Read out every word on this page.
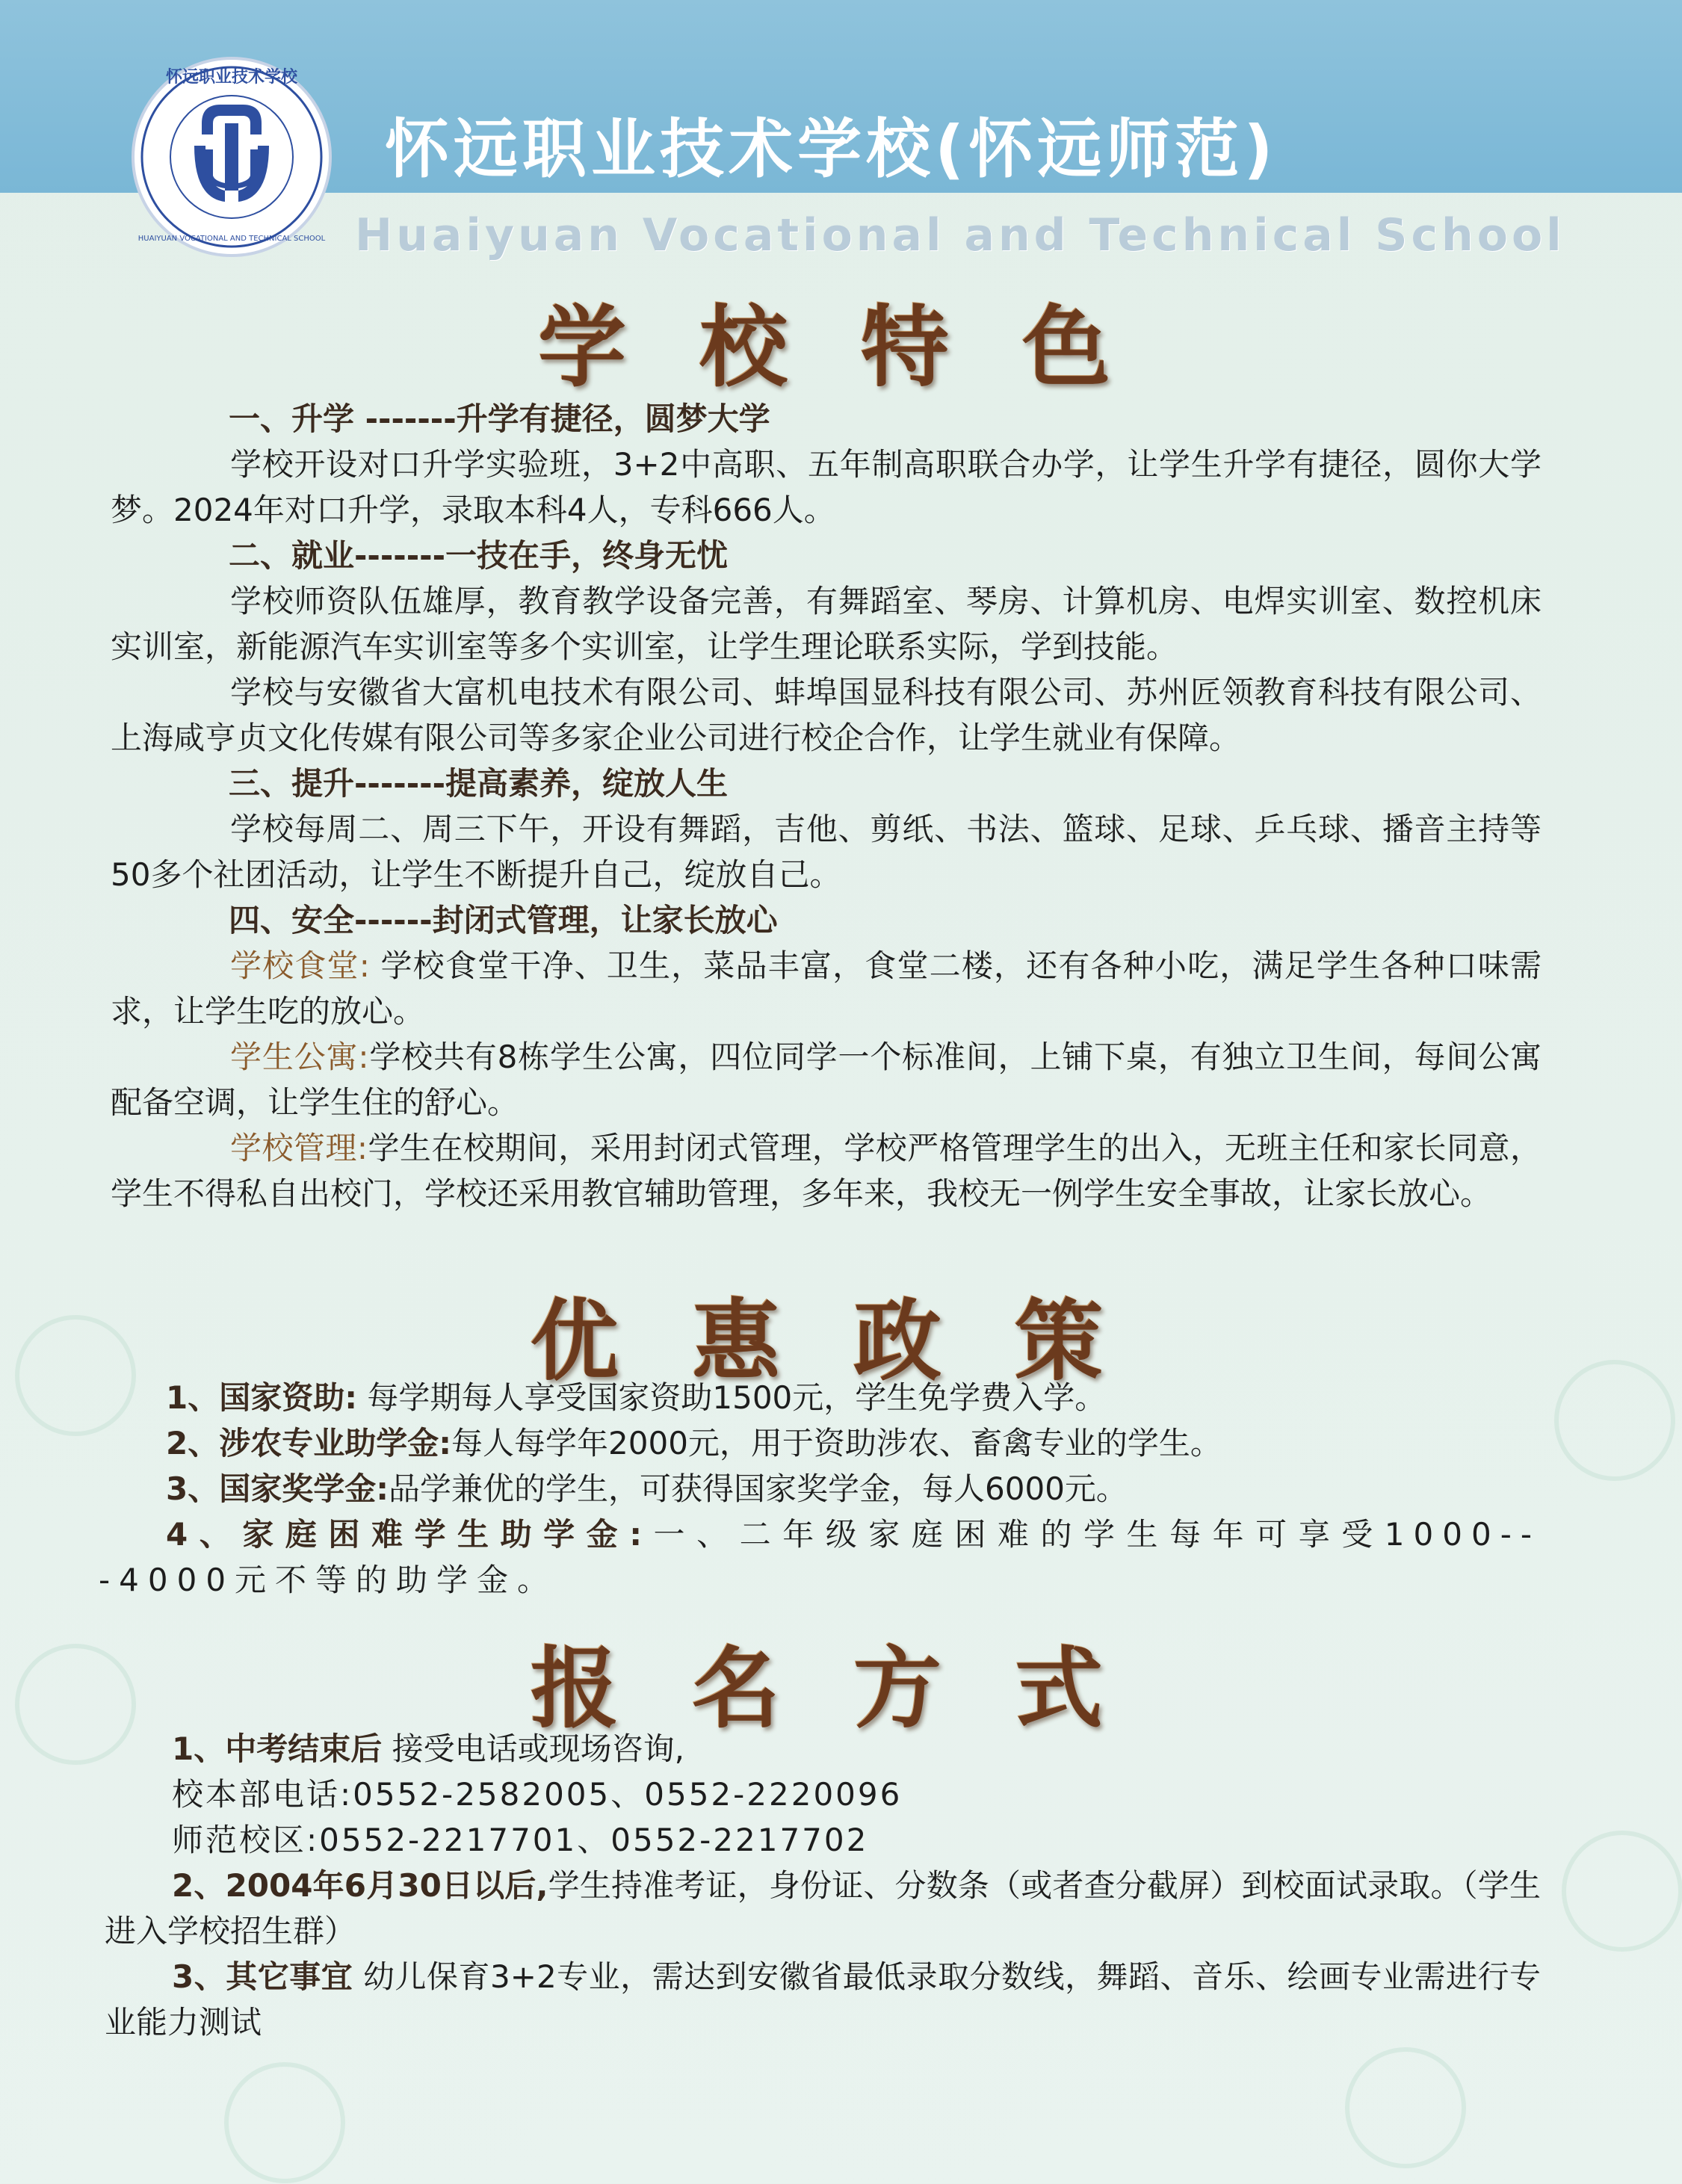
怀远职业技术学校
HUAIYUAN VOCATIONAL AND TECHNICAL SCHOOL
怀远职业技术学校(怀远师范)
Huaiyuan Vocational and Technical School
学校特色
一、升学 -------升学有捷径，圆梦大学
学校开设对口升学实验班，3+2中高职、五年制高职联合办学，让学生升学有捷径，圆你大学梦。2024年对口升学，录取本科4人，专科666人。
二、就业-------一技在手，终身无忧
学校师资队伍雄厚，教育教学设备完善，有舞蹈室、琴房、计算机房、电焊实训室、数控机床实训室，新能源汽车实训室等多个实训室，让学生理论联系实际，学到技能。
学校与安徽省大富机电技术有限公司、蚌埠国显科技有限公司、苏州匠领教育科技有限公司、上海咸亨贞文化传媒有限公司等多家企业公司进行校企合作，让学生就业有保障。
三、提升-------提高素养，绽放人生
学校每周二、周三下午，开设有舞蹈，吉他、剪纸、书法、篮球、足球、乒乓球、播音主持等50多个社团活动，让学生不断提升自己，绽放自己。
四、安全------封闭式管理，让家长放心
学校食堂: 学校食堂干净、卫生，菜品丰富，食堂二楼，还有各种小吃，满足学生各种口味需求，让学生吃的放心。
学生公寓:学校共有8栋学生公寓，四位同学一个标准间，上铺下桌，有独立卫生间，每间公寓配备空调，让学生住的舒心。
学校管理:学生在校期间，采用封闭式管理，学校严格管理学生的出入，无班主任和家长同意，学生不得私自出校门，学校还采用教官辅助管理，多年来，我校无一例学生安全事故，让家长放心。
优惠政策
1、国家资助: 每学期每人享受国家资助1500元，学生免学费入学。
2、涉农专业助学金:每人每学年2000元，用于资助涉农、畜禽专业的学生。
3、国家奖学金:品学兼优的学生，可获得国家奖学金，每人6000元。
4、家庭困难学生助学金:一、二年级家庭困难的学生每年可享受1000---4000元不等的助学金。
报名方式
1、中考结束后 接受电话或现场咨询,
校本部电话:0552-2582005、0552-2220096
师范校区:0552-2217701、0552-2217702
2、2004年6月30日以后,学生持准考证，身份证、分数条（或者查分截屏）到校面试录取。（学生进入学校招生群）
3、其它事宜 幼儿保育3+2专业，需达到安徽省最低录取分数线，舞蹈、音乐、绘画专业需进行专业能力测试
